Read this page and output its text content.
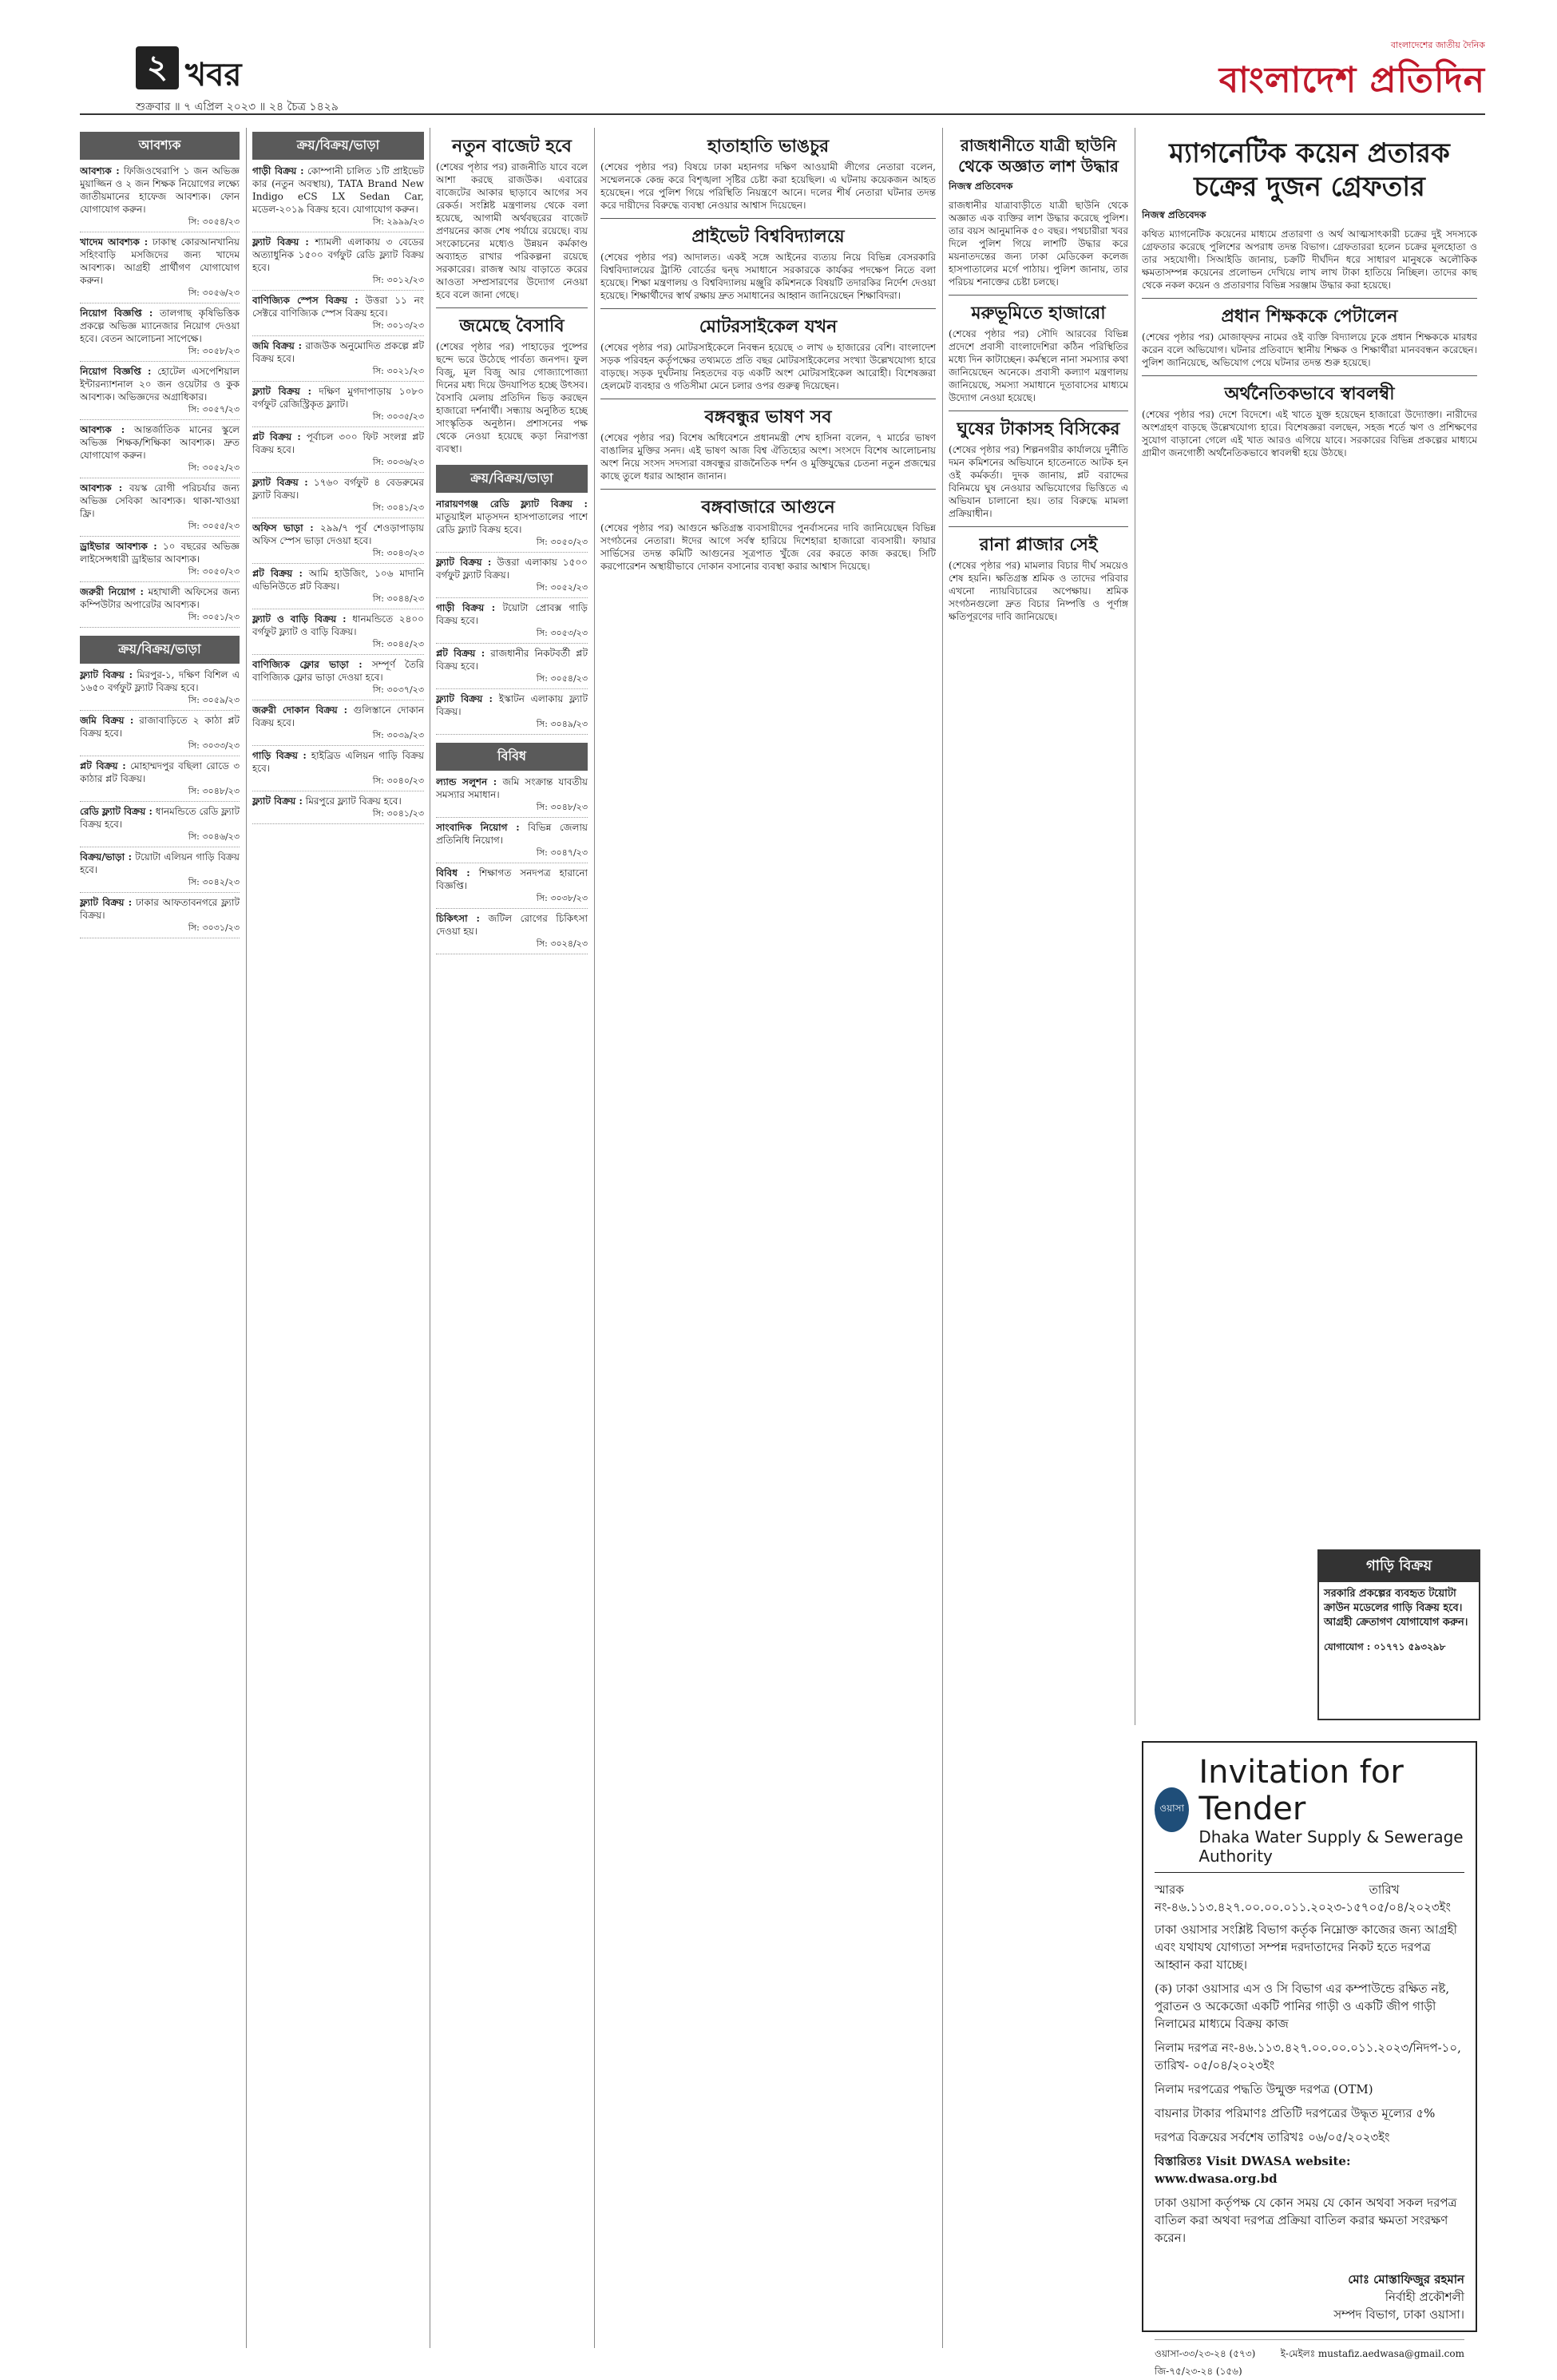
২ খবর
শুক্রবার ॥ ৭ এপ্রিল ২০২৩ ॥ ২৪ চৈত্র ১৪২৯
বাংলাদেশের জাতীয় দৈনিক
বাংলাদেশ প্রতিদিন
আবশ্যক
আবশ্যক : ফিজিওথেরাপি ১ জন অভিজ্ঞ মুয়াজ্জিন ও ২ জন শিক্ষক নিয়োগের লক্ষ্যে জাতীয়মানের হাফেজ আবশ্যক। ফোন যোগাযোগ করুন।
সি: ৩০৫৪/২৩
খাদেম আবশ্যক : ঢাকাস্থ কোরআনখানিয় সহিংবাড়ি মসজিদের জন্য খাদেম আবশ্যক। আগ্রহী প্রার্থীগণ যোগাযোগ করুন।
সি: ৩০৫৬/২৩
নিয়োগ বিজ্ঞপ্তি : তালগাছ কৃষিভিত্তিক প্রকল্পে অভিজ্ঞ ম্যানেজার নিয়োগ দেওয়া হবে। বেতন আলোচনা সাপেক্ষে।
সি: ৩০৫৮/২৩
নিয়োগ বিজ্ঞপ্তি : হোটেল এসপেশিয়াল ইন্টারন্যাশনাল ২০ জন ওয়েটার ও কুক আবশ্যক। অভিজ্ঞদের অগ্রাধিকার।
সি: ৩০৫৭/২৩
আবশ্যক : আন্তর্জাতিক মানের স্কুলে অভিজ্ঞ শিক্ষক/শিক্ষিকা আবশ্যক। দ্রুত যোগাযোগ করুন।
সি: ৩০৫২/২৩
আবশ্যক : বয়স্ক রোগী পরিচর্যার জন্য অভিজ্ঞ সেবিকা আবশ্যক। থাকা-খাওয়া ফ্রি।
সি: ৩০৫৫/২৩
ড্রাইভার আবশ্যক : ১০ বছরের অভিজ্ঞ লাইসেন্সধারী ড্রাইভার আবশ্যক।
সি: ৩০৫০/২৩
জরুরী নিয়োগ : মহাখালী অফিসের জন্য কম্পিউটার অপারেটর আবশ্যক।
সি: ৩০৫১/২৩
ক্রয়/বিক্রয়/ভাড়া
ফ্ল্যাট বিক্রয় : মিরপুর-১, দক্ষিণ বিশিল এ ১৬৫০ বর্গফুট ফ্ল্যাট বিক্রয় হবে।
সি: ৩০৫৯/২৩
জমি বিক্রয় : রাজাবাড়িতে ২ কাঠা প্লট বিক্রয় হবে।
সি: ৩০৩৩/২৩
প্লট বিক্রয় : মোহাম্মদপুর বছিলা রোডে ৩ কাঠার প্লট বিক্রয়।
সি: ৩০৪৮/২৩
রেডি ফ্ল্যাট বিক্রয় : ধানমন্ডিতে রেডি ফ্ল্যাট বিক্রয় হবে।
সি: ৩০৪৬/২৩
বিক্রয়/ভাড়া : টয়োটা এলিয়ন গাড়ি বিক্রয় হবে।
সি: ৩০৪২/২৩
ফ্ল্যাট বিক্রয় : ঢাকার আফতাবনগরে ফ্ল্যাট বিক্রয়।
সি: ৩০৩১/২৩
ক্রয়/বিক্রয়/ভাড়া
গাড়ী বিক্রয় : কোম্পানী চালিত ১টি প্রাইভেট কার (নতুন অবস্থায়), TATA Brand New Indigo eCS LX Sedan Car, মডেল-২০১৯ বিক্রয় হবে। যোগাযোগ করুন।
সি: ২৯৯৯/২৩
ফ্ল্যাট বিক্রয় : শ্যামলী এলাকায় ৩ বেডের অত্যাধুনিক ১৫০০ বর্গফুট রেডি ফ্ল্যাট বিক্রয় হবে।
সি: ৩০১২/২৩
বাণিজ্যিক স্পেস বিক্রয় : উত্তরা ১১ নং সেক্টরে বাণিজ্যিক স্পেস বিক্রয় হবে।
সি: ৩০১৩/২৩
জমি বিক্রয় : রাজউক অনুমোদিত প্রকল্পে প্লট বিক্রয় হবে।
সি: ৩০২১/২৩
ফ্ল্যাট বিক্রয় : দক্ষিণ মুগদাপাড়ায় ১০৮০ বর্গফুট রেজিস্ট্রিকৃত ফ্ল্যাট।
সি: ৩০৩৫/২৩
প্লট বিক্রয় : পূর্বাচল ৩০০ ফিট সংলগ্ন প্লট বিক্রয় হবে।
সি: ৩০৩৬/২৩
ফ্ল্যাট বিক্রয় : ১৭৬০ বর্গফুট ৪ বেডরুমের ফ্ল্যাট বিক্রয়।
সি: ৩০৪১/২৩
অফিস ভাড়া : ২৯৯/৭ পূর্ব শেওড়াপাড়ায় অফিস স্পেস ভাড়া দেওয়া হবে।
সি: ৩০৪৩/২৩
প্লট বিক্রয় : আমি হাউজিং, ১০৬ মাদানি এভিনিউতে প্লট বিক্রয়।
সি: ৩০৪৪/২৩
ফ্ল্যাট ও বাড়ি বিক্রয় : ধানমন্ডিতে ২৪০০ বর্গফুট ফ্ল্যাট ও বাড়ি বিক্রয়।
সি: ৩০৪৫/২৩
বাণিজ্যিক ফ্লোর ভাড়া : সম্পূর্ণ তৈরি বাণিজ্যিক ফ্লোর ভাড়া দেওয়া হবে।
সি: ৩০৩৭/২৩
জরুরী দোকান বিক্রয় : গুলিস্তানে দোকান বিক্রয় হবে।
সি: ৩০৩৯/২৩
গাড়ি বিক্রয় : হাইব্রিড এলিয়ন গাড়ি বিক্রয় হবে।
সি: ৩০৪০/২৩
ফ্ল্যাট বিক্রয় : মিরপুরে ফ্ল্যাট বিক্রয় হবে।
সি: ৩০৪১/২৩
নতুন বাজেট হবে

(শেষের পৃষ্ঠার পর) রাজনীতি যাবে বলে আশা করছে রাজউক। এবারের বাজেটের আকার ছাড়াবে আগের সব রেকর্ড। সংশ্লিষ্ট মন্ত্রণালয় থেকে বলা হয়েছে, আগামী অর্থবছরের বাজেট প্রণয়নের কাজ শেষ পর্যায়ে রয়েছে। ব্যয় সংকোচনের মধ্যেও উন্নয়ন কর্মকাণ্ড অব্যাহত রাখার পরিকল্পনা রয়েছে সরকারের। রাজস্ব আয় বাড়াতে করের আওতা সম্প্রসারণের উদ্যোগ নেওয়া হবে বলে জানা গেছে।

জমেছে বৈসাবি

(শেষের পৃষ্ঠার পর) পাহাড়ের পুষ্পের ছন্দে ভরে উঠেছে পার্বত্য জনপদ। ফুল বিজু, মূল বিজু আর গোজ্যাপোজ্যা দিনের মধ্য দিয়ে উদযাপিত হচ্ছে উৎসব। বৈসাবি মেলায় প্রতিদিন ভিড় করছেন হাজারো দর্শনার্থী। সন্ধ্যায় অনুষ্ঠিত হচ্ছে সাংস্কৃতিক অনুষ্ঠান। প্রশাসনের পক্ষ থেকে নেওয়া হয়েছে কড়া নিরাপত্তা ব্যবস্থা।

ক্রয়/বিক্রয়/ভাড়া
নারায়ণগঞ্জ রেডি ফ্ল্যাট বিক্রয় : মাতুয়াইল মাতৃসদন হাসপাতালের পাশে রেডি ফ্ল্যাট বিক্রয় হবে।
সি: ৩০৫০/২৩
ফ্ল্যাট বিক্রয় : উত্তরা এলাকায় ১৫০০ বর্গফুট ফ্ল্যাট বিক্রয়।
সি: ৩০৫২/২৩
গাড়ী বিক্রয় : টয়োটা প্রোবক্স গাড়ি বিক্রয় হবে।
সি: ৩০৫৩/২৩
প্লট বিক্রয় : রাজধানীর নিকটবর্তী প্লট বিক্রয় হবে।
সি: ৩০৫৪/২৩
ফ্ল্যাট বিক্রয় : ইস্কাটন এলাকায় ফ্ল্যাট বিক্রয়।
সি: ৩০৪৯/২৩
বিবিধ
ল্যান্ড সলুশন : জমি সংক্রান্ত যাবতীয় সমস্যার সমাধান।
সি: ৩০৪৮/২৩
সাংবাদিক নিয়োগ : বিভিন্ন জেলায় প্রতিনিধি নিয়োগ।
সি: ৩০৪৭/২৩
বিবিধ : শিক্ষাগত সনদপত্র হারানো বিজ্ঞপ্তি।
সি: ৩০৩৮/২৩
চিকিৎসা : জটিল রোগের চিকিৎসা দেওয়া হয়।
সি: ৩০২৪/২৩
হাতাহাতি ভাঙচুর

(শেষের পৃষ্ঠার পর) বিষয়ে ঢাকা মহানগর দক্ষিণ আওয়ামী লীগের নেতারা বলেন, সম্মেলনকে কেন্দ্র করে বিশৃঙ্খলা সৃষ্টির চেষ্টা করা হয়েছিল। এ ঘটনায় কয়েকজন আহত হয়েছেন। পরে পুলিশ গিয়ে পরিস্থিতি নিয়ন্ত্রণে আনে। দলের শীর্ষ নেতারা ঘটনার তদন্ত করে দায়ীদের বিরুদ্ধে ব্যবস্থা নেওয়ার আশ্বাস দিয়েছেন।

প্রাইভেট বিশ্ববিদ্যালয়ে

(শেষের পৃষ্ঠার পর) আদালত। একই সঙ্গে আইনের ব্যত্যয় নিয়ে বিভিন্ন বেসরকারি বিশ্ববিদ্যালয়ের ট্রাস্টি বোর্ডের দ্বন্দ্ব সমাধানে সরকারকে কার্যকর পদক্ষেপ নিতে বলা হয়েছে। শিক্ষা মন্ত্রণালয় ও বিশ্ববিদ্যালয় মঞ্জুরি কমিশনকে বিষয়টি তদারকির নির্দেশ দেওয়া হয়েছে। শিক্ষার্থীদের স্বার্থ রক্ষায় দ্রুত সমাধানের আহ্বান জানিয়েছেন শিক্ষাবিদরা।

মোটরসাইকেল যখন

(শেষের পৃষ্ঠার পর) মোটরসাইকেলে নিবন্ধন হয়েছে ৩ লাখ ৬ হাজারের বেশি। বাংলাদেশ সড়ক পরিবহন কর্তৃপক্ষের তথ্যমতে প্রতি বছর মোটরসাইকেলের সংখ্যা উল্লেখযোগ্য হারে বাড়ছে। সড়ক দুর্ঘটনায় নিহতদের বড় একটি অংশ মোটরসাইকেল আরোহী। বিশেষজ্ঞরা হেলমেট ব্যবহার ও গতিসীমা মেনে চলার ওপর গুরুত্ব দিয়েছেন।

বঙ্গবন্ধুর ভাষণ সব

(শেষের পৃষ্ঠার পর) বিশেষ অধিবেশনে প্রধানমন্ত্রী শেখ হাসিনা বলেন, ৭ মার্চের ভাষণ বাঙালির মুক্তির সনদ। এই ভাষণ আজ বিশ্ব ঐতিহ্যের অংশ। সংসদে বিশেষ আলোচনায় অংশ নিয়ে সংসদ সদস্যরা বঙ্গবন্ধুর রাজনৈতিক দর্শন ও মুক্তিযুদ্ধের চেতনা নতুন প্রজন্মের কাছে তুলে ধরার আহ্বান জানান।

বঙ্গবাজারে আগুনে

(শেষের পৃষ্ঠার পর) আগুনে ক্ষতিগ্রস্ত ব্যবসায়ীদের পুনর্বাসনের দাবি জানিয়েছেন বিভিন্ন সংগঠনের নেতারা। ঈদের আগে সর্বস্ব হারিয়ে দিশেহারা হাজারো ব্যবসায়ী। ফায়ার সার্ভিসের তদন্ত কমিটি আগুনের সূত্রপাত খুঁজে বের করতে কাজ করছে। সিটি করপোরেশন অস্থায়ীভাবে দোকান বসানোর ব্যবস্থা করার আশ্বাস দিয়েছে।

রাজধানীতে যাত্রী ছাউনি থেকে অজ্ঞাত লাশ উদ্ধার
নিজস্ব প্রতিবেদক

রাজধানীর যাত্রাবাড়ীতে যাত্রী ছাউনি থেকে অজ্ঞাত এক ব্যক্তির লাশ উদ্ধার করেছে পুলিশ। তার বয়স আনুমানিক ৫০ বছর। পথচারীরা খবর দিলে পুলিশ গিয়ে লাশটি উদ্ধার করে ময়নাতদন্তের জন্য ঢাকা মেডিকেল কলেজ হাসপাতালের মর্গে পাঠায়। পুলিশ জানায়, তার পরিচয় শনাক্তের চেষ্টা চলছে।

মরুভূমিতে হাজারো

(শেষের পৃষ্ঠার পর) সৌদি আরবের বিভিন্ন প্রদেশে প্রবাসী বাংলাদেশিরা কঠিন পরিস্থিতির মধ্যে দিন কাটাচ্ছেন। কর্মস্থলে নানা সমস্যার কথা জানিয়েছেন অনেকে। প্রবাসী কল্যাণ মন্ত্রণালয় জানিয়েছে, সমস্যা সমাধানে দূতাবাসের মাধ্যমে উদ্যোগ নেওয়া হয়েছে।

ঘুষের টাকাসহ বিসিকের

(শেষের পৃষ্ঠার পর) শিল্পনগরীর কার্যালয়ে দুর্নীতি দমন কমিশনের অভিযানে হাতেনাতে আটক হন ওই কর্মকর্তা। দুদক জানায়, প্লট বরাদ্দের বিনিময়ে ঘুষ নেওয়ার অভিযোগের ভিত্তিতে এ অভিযান চালানো হয়। তার বিরুদ্ধে মামলা প্রক্রিয়াধীন।

রানা প্লাজার সেই

(শেষের পৃষ্ঠার পর) মামলার বিচার দীর্ঘ সময়েও শেষ হয়নি। ক্ষতিগ্রস্ত শ্রমিক ও তাদের পরিবার এখনো ন্যায়বিচারের অপেক্ষায়। শ্রমিক সংগঠনগুলো দ্রুত বিচার নিষ্পত্তি ও পূর্ণাঙ্গ ক্ষতিপূরণের দাবি জানিয়েছে।

ম্যাগনেটিক কয়েন প্রতারক চক্রের দুজন গ্রেফতার
নিজস্ব প্রতিবেদক

কথিত ম্যাগনেটিক কয়েনের মাধ্যমে প্রতারণা ও অর্থ আত্মসাৎকারী চক্রের দুই সদস্যকে গ্রেফতার করেছে পুলিশের অপরাধ তদন্ত বিভাগ। গ্রেফতাররা হলেন চক্রের মূলহোতা ও তার সহযোগী। সিআইডি জানায়, চক্রটি দীর্ঘদিন ধরে সাধারণ মানুষকে অলৌকিক ক্ষমতাসম্পন্ন কয়েনের প্রলোভন দেখিয়ে লাখ লাখ টাকা হাতিয়ে নিচ্ছিল। তাদের কাছ থেকে নকল কয়েন ও প্রতারণার বিভিন্ন সরঞ্জাম উদ্ধার করা হয়েছে।

প্রধান শিক্ষককে পেটালেন

(শেষের পৃষ্ঠার পর) মোজাফ্ফর নামের ওই ব্যক্তি বিদ্যালয়ে ঢুকে প্রধান শিক্ষককে মারধর করেন বলে অভিযোগ। ঘটনার প্রতিবাদে স্থানীয় শিক্ষক ও শিক্ষার্থীরা মানববন্ধন করেছেন। পুলিশ জানিয়েছে, অভিযোগ পেয়ে ঘটনার তদন্ত শুরু হয়েছে।

অর্থনৈতিকভাবে স্বাবলম্বী

(শেষের পৃষ্ঠার পর) দেশে বিদেশে। এই খাতে যুক্ত হয়েছেন হাজারো উদ্যোক্তা। নারীদের অংশগ্রহণ বাড়ছে উল্লেখযোগ্য হারে। বিশেষজ্ঞরা বলছেন, সহজ শর্তে ঋণ ও প্রশিক্ষণের সুযোগ বাড়ানো গেলে এই খাত আরও এগিয়ে যাবে। সরকারের বিভিন্ন প্রকল্পের মাধ্যমে গ্রামীণ জনগোষ্ঠী অর্থনৈতিকভাবে স্বাবলম্বী হয়ে উঠছে।

গাড়ি বিক্রয়
সরকারি প্রকল্পের ব্যবহৃত টয়োটা ক্রাউন মডেলের গাড়ি বিক্রয় হবে। আগ্রহী ক্রেতাগণ যোগাযোগ করুন।
যোগাযোগ : ০১৭৭১ ৫৯৩২৯৮
ওয়াসা
Invitation for Tender
Dhaka Water Supply & Sewerage Authority
স্মারক নং-৪৬.১১৩.৪২৭.০০.০০.০১১.২০২৩-১৫৭
তারিখ ০৫/০৪/২০২৩ইং
ঢাকা ওয়াসার সংশ্লিষ্ট বিভাগ কর্তৃক নিম্নোক্ত কাজের জন্য আগ্রহী এবং যথাযথ যোগ্যতা সম্পন্ন দরদাতাদের নিকট হতে দরপত্র আহ্বান করা যাচ্ছে।
(ক) ঢাকা ওয়াসার এস ও সি বিভাগ এর কম্পাউন্ডে রক্ষিত নষ্ট, পুরাতন ও অকেজো একটি পানির গাড়ী ও একটি জীপ গাড়ী নিলামের মাধ্যমে বিক্রয় কাজ
নিলাম দরপত্র নং-৪৬.১১৩.৪২৭.০০.০০.০১১.২০২৩/নিদপ-১০, তারিখ- ০৫/০৪/২০২৩ইং
নিলাম দরপত্রের পদ্ধতি উন্মুক্ত দরপত্র (OTM)
বায়নার টাকার পরিমাণঃ প্রতিটি দরপত্রের উদ্ধৃত মূল্যের ৫%
দরপত্র বিক্রয়ের সর্বশেষ তারিখঃ ০৬/০৫/২০২৩ইং
বিস্তারিতঃ Visit DWASA website: www.dwasa.org.bd
ঢাকা ওয়াসা কর্তৃপক্ষ যে কোন সময় যে কোন অথবা সকল দরপত্র বাতিল করা অথবা দরপত্র প্রক্রিয়া বাতিল করার ক্ষমতা সংরক্ষণ করেন।
মোঃ মোস্তাফিজুর রহমান
নির্বাহী প্রকৌশলী
সম্পদ বিভাগ, ঢাকা ওয়াসা।
ওয়াসা-৩৩/২৩-২৪ (৫৭৩)	ই-মেইলঃ mustafiz.aedwasa@gmail.com
জি-৭৫/২৩-২৪ (১৫৬)
